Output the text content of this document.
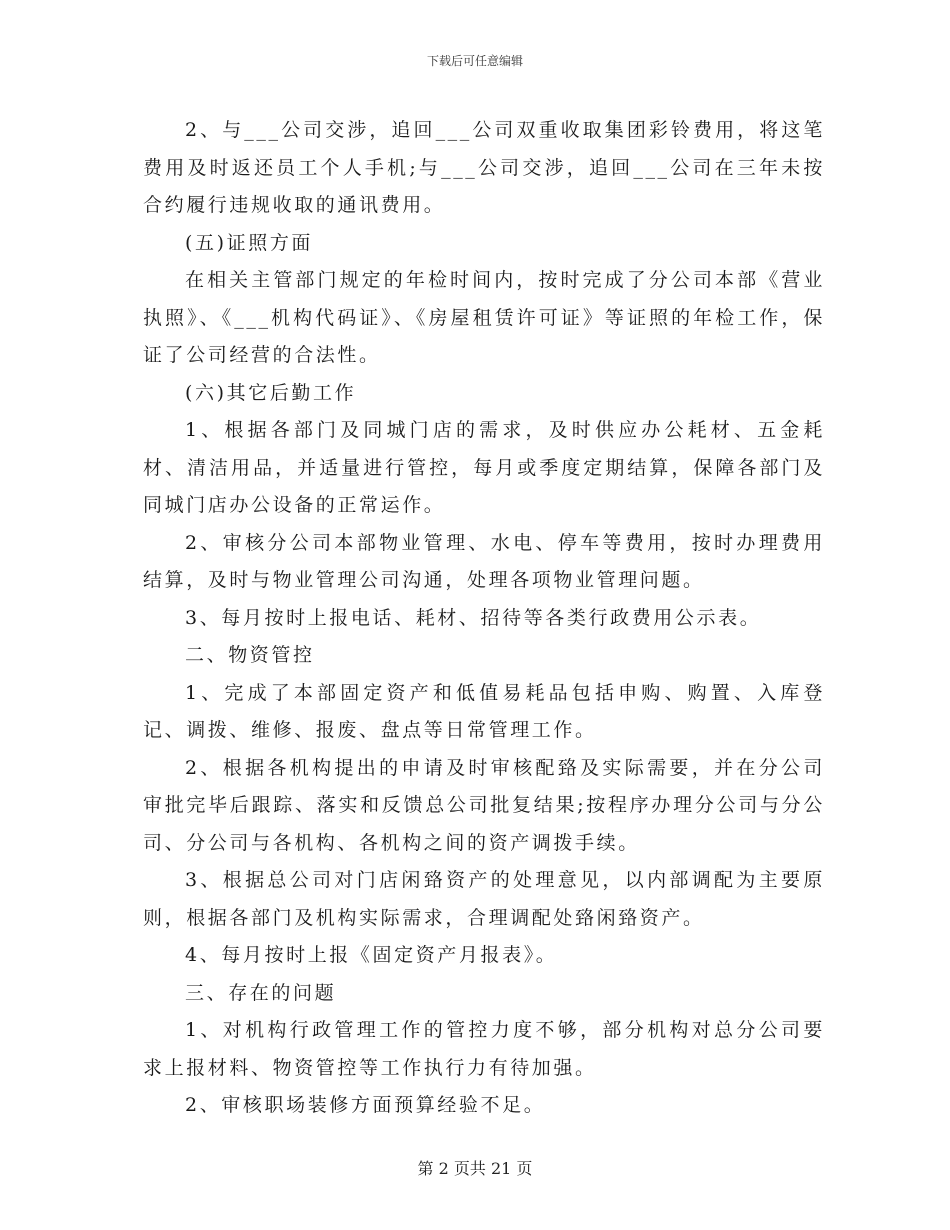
下载后可任意编辑

2、与___公司交涉，追回___公司双重收取集团彩铃费用，将这笔费用及时返还员工个人手机;与___公司交涉，追回___公司在三年未按合约履行违规收取的通讯费用。

(五)证照方面

在相关主管部门规定的年检时间内，按时完成了分公司本部《营业执照》、《___机构代码证》、《房屋租赁许可证》等证照的年检工作，保证了公司经营的合法性。

(六)其它后勤工作

1、根据各部门及同城门店的需求，及时供应办公耗材、五金耗材、清洁用品，并适量进行管控，每月或季度定期结算，保障各部门及同城门店办公设备的正常运作。

2、审核分公司本部物业管理、水电、停车等费用，按时办理费用结算，及时与物业管理公司沟通，处理各项物业管理问题。

3、每月按时上报电话、耗材、招待等各类行政费用公示表。

二、物资管控

1、完成了本部固定资产和低值易耗品包括申购、购置、入库登记、调拨、维修、报废、盘点等日常管理工作。

2、根据各机构提出的申请及时审核配臵及实际需要，并在分公司审批完毕后跟踪、落实和反馈总公司批复结果;按程序办理分公司与分公司、分公司与各机构、各机构之间的资产调拨手续。

3、根据总公司对门店闲臵资产的处理意见，以内部调配为主要原则，根据各部门及机构实际需求，合理调配处臵闲臵资产。

4、每月按时上报《固定资产月报表》。

三、存在的问题

1、对机构行政管理工作的管控力度不够，部分机构对总分公司要求上报材料、物资管控等工作执行力有待加强。

2、审核职场装修方面预算经验不足。

第 2 页共 21 页
